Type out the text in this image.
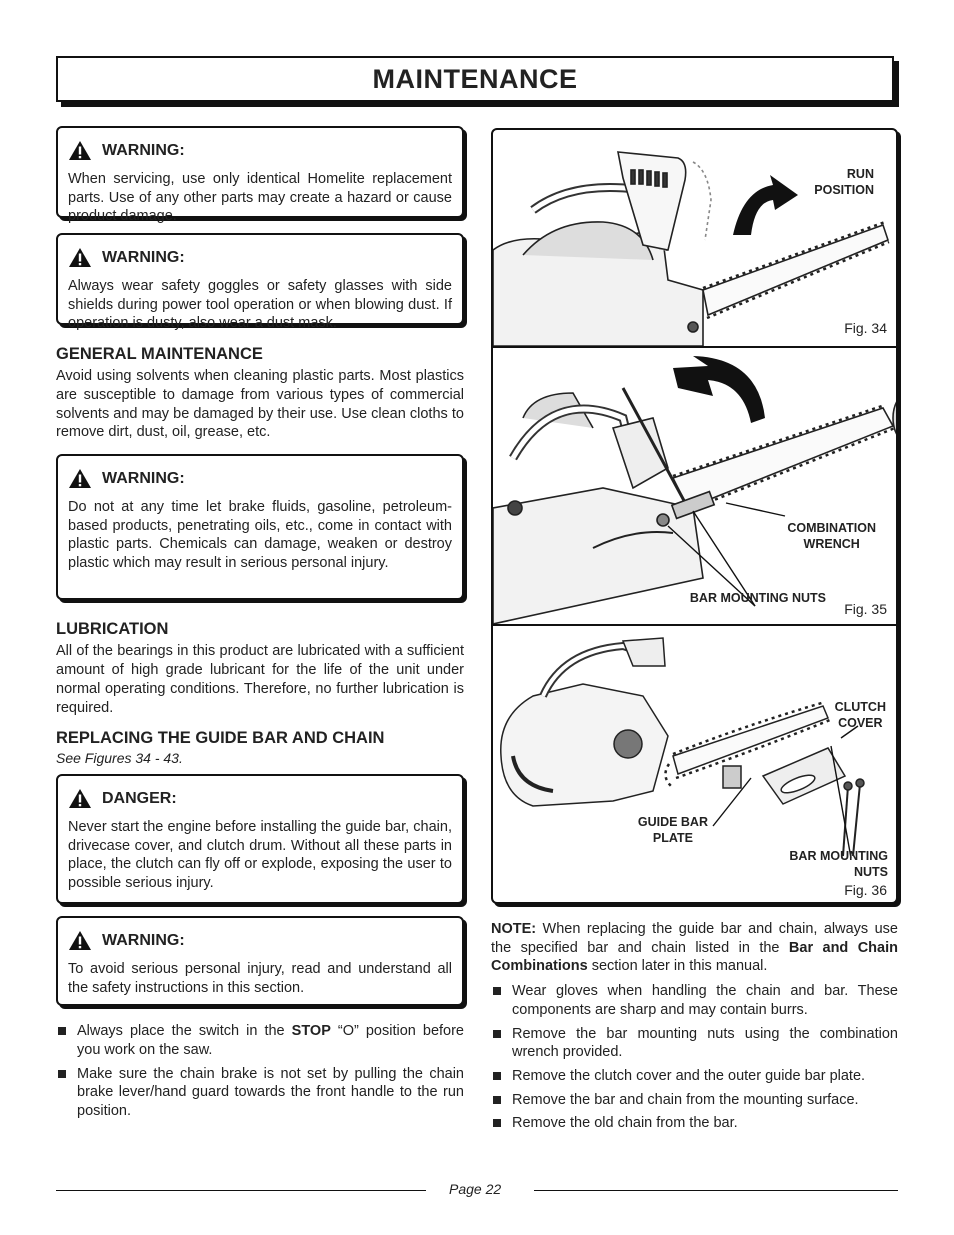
MAINTENANCE
WARNING:
When servicing, use only identical Homelite replacement parts. Use of any other parts may create a hazard or cause product damage.
WARNING:
Always wear safety goggles or safety glasses with side shields during power tool operation or when blowing dust. If operation is dusty, also wear a dust mask.
GENERAL MAINTENANCE

Avoid using solvents when cleaning plastic parts. Most plastics are susceptible to damage from various types of commercial solvents and may be damaged by their use. Use clean cloths to remove dirt, dust, oil, grease, etc.

WARNING:
Do not at any time let brake fluids, gasoline, petroleum-based products, penetrating oils, etc., come in contact with plastic parts. Chemicals can damage, weaken or destroy plastic which may result in serious personal injury.
LUBRICATION

All of the bearings in this product are lubricated with a sufficient amount of high grade lubricant for the life of the unit under normal operating conditions. Therefore, no further lubrication is required.

REPLACING THE GUIDE BAR AND CHAIN
See Figures 34 - 43.
DANGER:
Never start the engine before installing the guide bar, chain, drivecase cover, and clutch drum. Without all these parts in place, the clutch can fly off or explode, exposing the user to possible serious injury.
WARNING:
To avoid serious personal injury, read and understand all the safety instructions in this section.
Always place the switch in the STOP “O” position before you work on the saw.
Make sure the chain brake is not set by pulling the chain brake lever/hand guard towards the front handle to the run position.
RUN
POSITION
Fig. 34
COMBINATION
WRENCH
BAR MOUNTING NUTS
Fig. 35
CLUTCH
COVER
GUIDE BAR
PLATE
BAR MOUNTING
NUTS
Fig. 36
NOTE: When replacing the guide bar and chain, always use the specified bar and chain listed in the Bar and Chain Combinations section later in this manual.
Wear gloves when handling the chain and bar. These components are sharp and may contain burrs.
Remove the bar mounting nuts using the combination wrench provided.
Remove the clutch cover and the outer guide bar plate.
Remove the bar and chain from the mounting surface.
Remove the old chain from the bar.
Page 22
